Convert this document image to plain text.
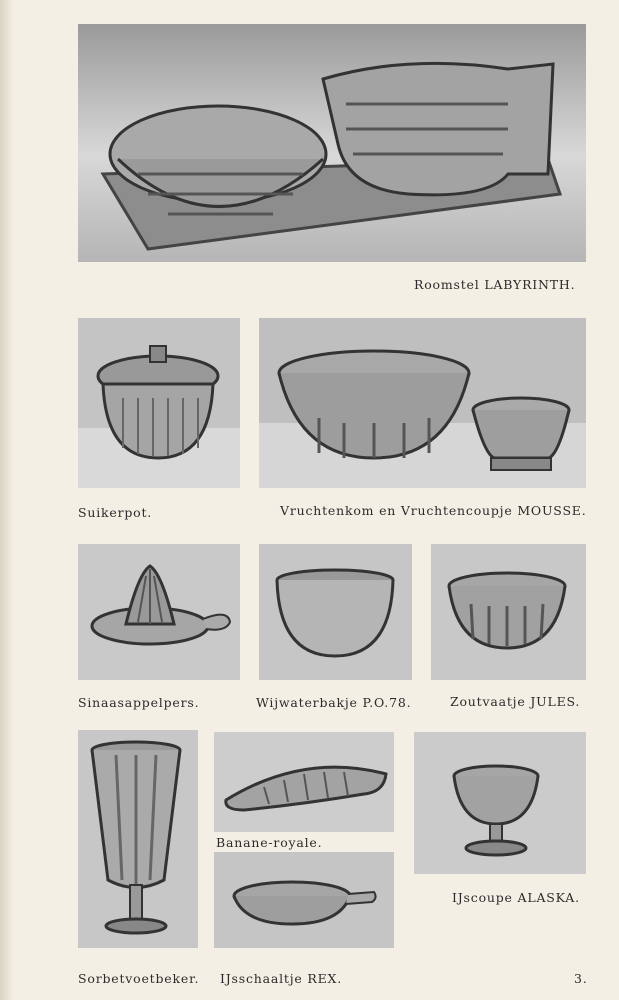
Roomstel LABYRINTH.
Suikerpot.	Vruchtenkom en Vruchtencoupje MOUSSE.
Sinaasappelpers.	Wijwaterbakje P.O.78.	Zoutvaatje JULES.
Banane-royale.
IJscoupe ALASKA.
Sorbetvoetbeker. IJsschaaltje REX.	3.
